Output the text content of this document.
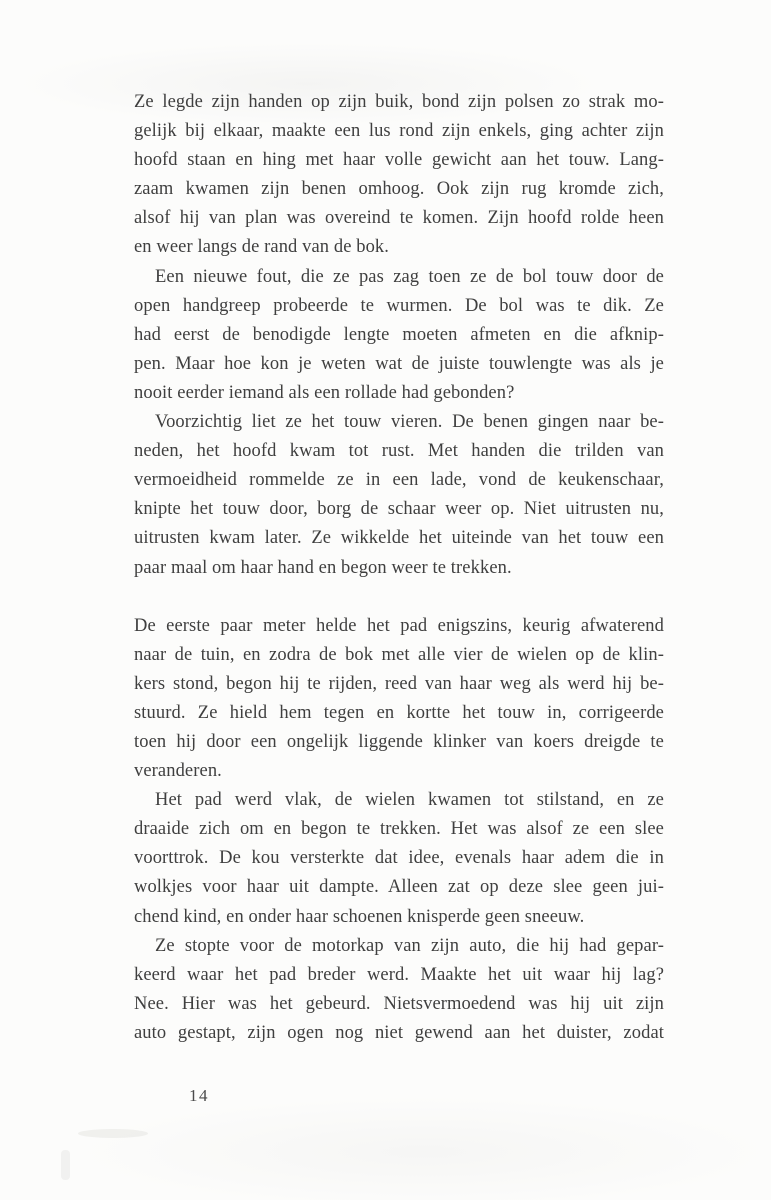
Ze legde zijn handen op zijn buik, bond zijn polsen zo strak mo-
gelijk bij elkaar, maakte een lus rond zijn enkels, ging achter zijn
hoofd staan en hing met haar volle gewicht aan het touw. Lang-
zaam kwamen zijn benen omhoog. Ook zijn rug kromde zich,
alsof hij van plan was overeind te komen. Zijn hoofd rolde heen
en weer langs de rand van de bok.

Een nieuwe fout, die ze pas zag toen ze de bol touw door de
open handgreep probeerde te wurmen. De bol was te dik. Ze
had eerst de benodigde lengte moeten afmeten en die afknip-
pen. Maar hoe kon je weten wat de juiste touwlengte was als je
nooit eerder iemand als een rollade had gebonden?

Voorzichtig liet ze het touw vieren. De benen gingen naar be-
neden, het hoofd kwam tot rust. Met handen die trilden van
vermoeidheid rommelde ze in een lade, vond de keukenschaar,
knipte het touw door, borg de schaar weer op. Niet uitrusten nu,
uitrusten kwam later. Ze wikkelde het uiteinde van het touw een
paar maal om haar hand en begon weer te trekken.

De eerste paar meter helde het pad enigszins, keurig afwaterend
naar de tuin, en zodra de bok met alle vier de wielen op de klin-
kers stond, begon hij te rijden, reed van haar weg als werd hij be-
stuurd. Ze hield hem tegen en kortte het touw in, corrigeerde
toen hij door een ongelijk liggende klinker van koers dreigde te
veranderen.

Het pad werd vlak, de wielen kwamen tot stilstand, en ze
draaide zich om en begon te trekken. Het was alsof ze een slee
voorttrok. De kou versterkte dat idee, evenals haar adem die in
wolkjes voor haar uit dampte. Alleen zat op deze slee geen jui-
chend kind, en onder haar schoenen knisperde geen sneeuw.

Ze stopte voor de motorkap van zijn auto, die hij had gepar-
keerd waar het pad breder werd. Maakte het uit waar hij lag?
Nee. Hier was het gebeurd. Nietsvermoedend was hij uit zijn
auto gestapt, zijn ogen nog niet gewend aan het duister, zodat

14
